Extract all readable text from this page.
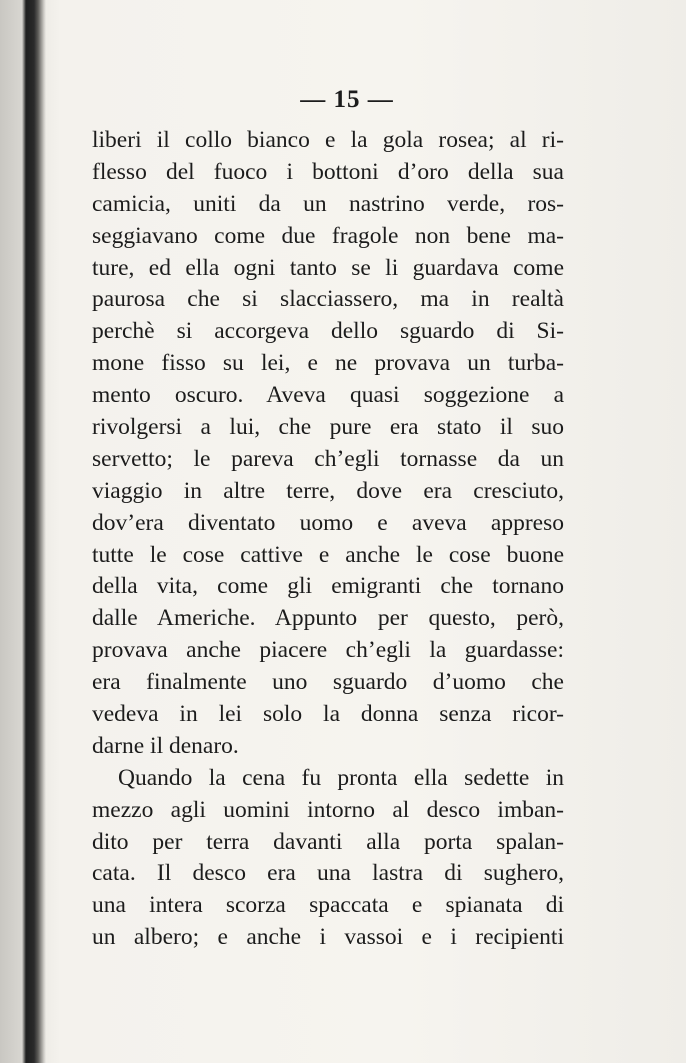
— 15 —
liberi il collo bianco e la gola rosea; al ri-
flesso del fuoco i bottoni d’oro della sua
camicia, uniti da un nastrino verde, ros-
seggiavano come due fragole non bene ma-
ture, ed ella ogni tanto se li guardava come
paurosa che si slacciassero, ma in realtà
perchè si accorgeva dello sguardo di Si-
mone fisso su lei, e ne provava un turba-
mento oscuro. Aveva quasi soggezione a
rivolgersi a lui, che pure era stato il suo
servetto; le pareva ch’egli tornasse da un
viaggio in altre terre, dove era cresciuto,
dov’era diventato uomo e aveva appreso
tutte le cose cattive e anche le cose buone
della vita, come gli emigranti che tornano
dalle Americhe. Appunto per questo, però,
provava anche piacere ch’egli la guardasse:
era finalmente uno sguardo d’uomo che
vedeva in lei solo la donna senza ricor-
darne il denaro.
Quando la cena fu pronta ella sedette in
mezzo agli uomini intorno al desco imban-
dito per terra davanti alla porta spalan-
cata. Il desco era una lastra di sughero,
una intera scorza spaccata e spianata di
un albero; e anche i vassoi e i recipienti
